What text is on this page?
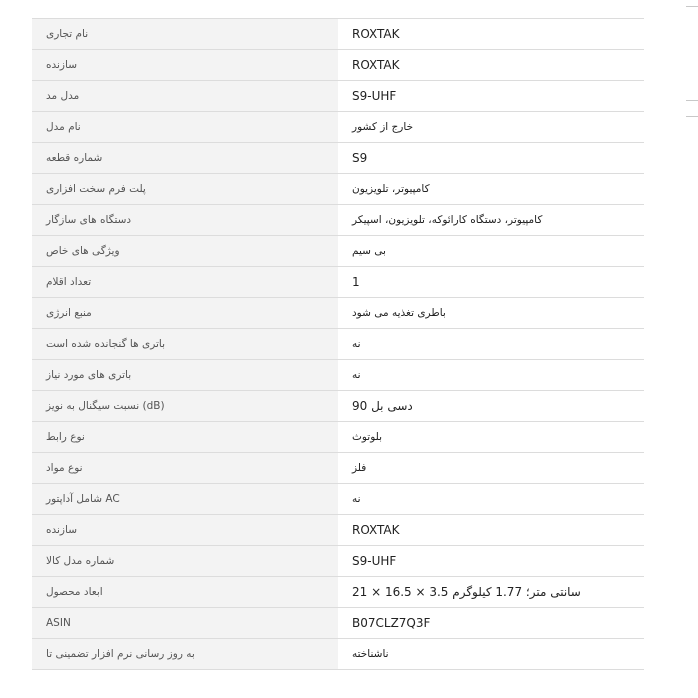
نام تجاری	ROXTAK
سازنده	ROXTAK
مدل مد	S9-UHF
نام مدل	خارج از کشور
شماره قطعه	S9
پلت فرم سخت افزاری	کامپیوتر، تلویزیون
دستگاه های سازگار	کامپیوتر، دستگاه کارائوکه، تلویزیون، اسپیکر
ویژگی های خاص	بی سیم
تعداد اقلام	1
منبع انرژی	باطری تغذیه می شود
باتری ها گنجانده شده است	نه
باتری های مورد نیاز	نه
نسبت سیگنال به نویز (dB)	90 دسی بل
نوع رابط	بلوتوث
نوع مواد	فلز
شامل آداپتور AC	نه
سازنده	ROXTAK
شماره مدل کالا	S9-UHF
ابعاد محصول	21 × 16.5 × 3.5 سانتی متر؛ 1.77 کیلوگرم
ASIN	B07CLZ7Q3F
به روز رسانی نرم افزار تضمینی تا	ناشناخته
